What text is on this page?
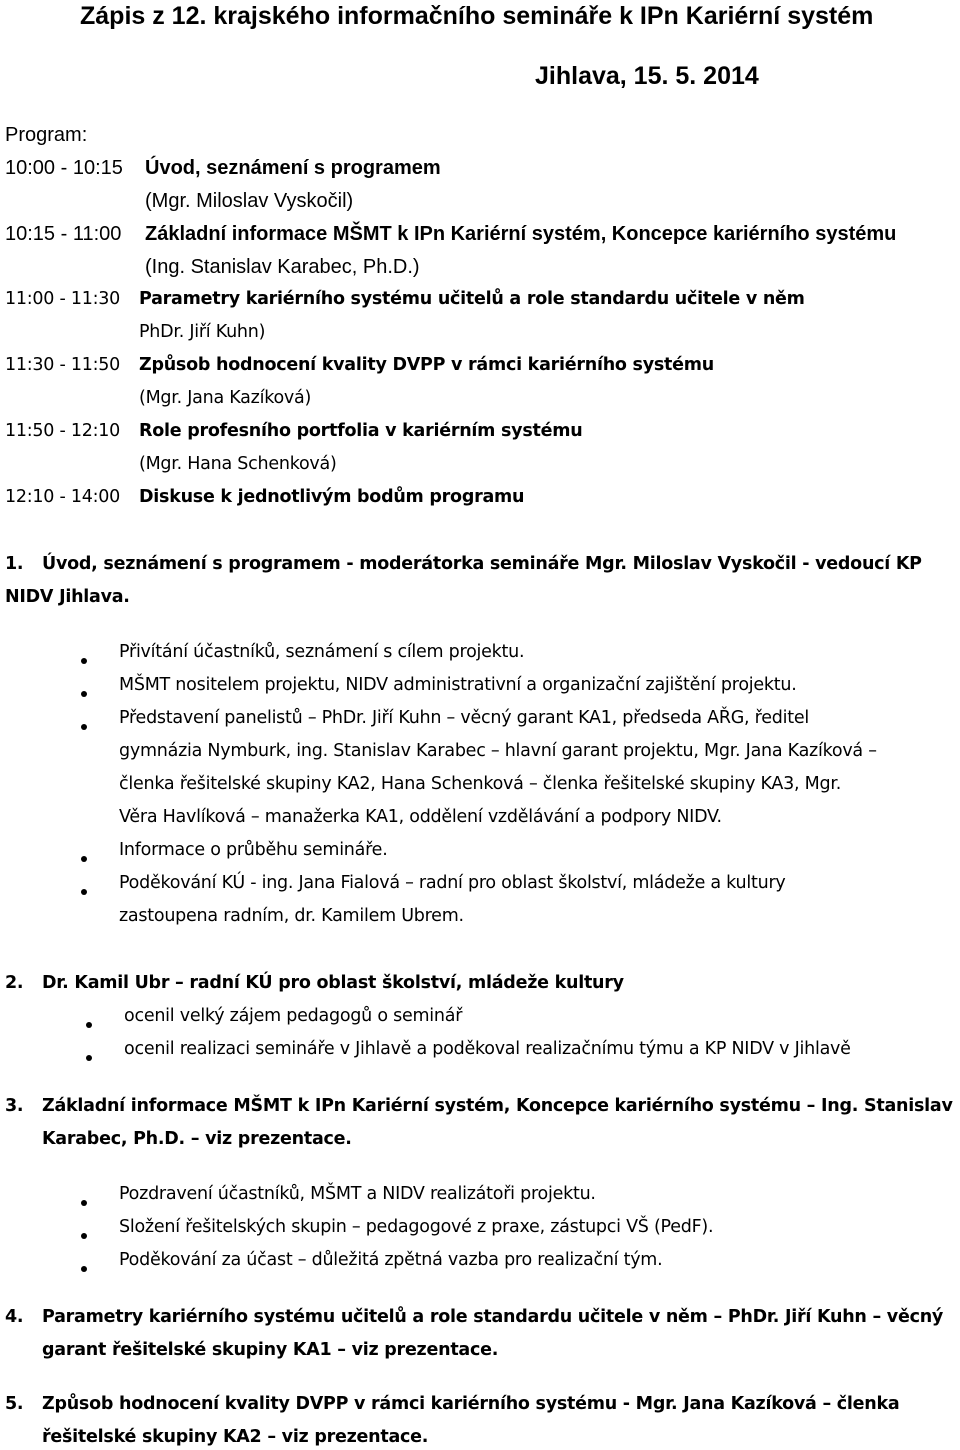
Zápis z 12. krajského informačního semináře k IPn Kariérní systém
Jihlava, 15. 5. 2014
Program:
10:00 - 10:15 Úvod, seznámení s programem
(Mgr. Miloslav Vyskočil)
10:15 - 11:00 Základní informace MŠMT k IPn Kariérní systém, Koncepce kariérního systému
(Ing. Stanislav Karabec, Ph.D.)
11:00 - 11:30 Parametry kariérního systému učitelů a role standardu učitele v něm
PhDr. Jiří Kuhn)
11:30 - 11:50 Způsob hodnocení kvality DVPP v rámci kariérního systému
(Mgr. Jana Kazíková)
11:50 - 12:10 Role profesního portfolia v kariérním systému
(Mgr. Hana Schenková)
12:10 - 14:00 Diskuse k jednotlivým bodům programu
1. Úvod, seznámení s programem - moderátorka semináře Mgr. Miloslav Vyskočil - vedoucí KP
NIDV Jihlava.
Přivítání účastníků, seznámení s cílem projektu.
MŠMT nositelem projektu, NIDV administrativní a organizační zajištění projektu.
Představení panelistů – PhDr. Jiří Kuhn – věcný garant KA1, předseda AŘG, ředitel
gymnázia Nymburk, ing. Stanislav Karabec – hlavní garant projektu, Mgr. Jana Kazíková –
členka řešitelské skupiny KA2, Hana Schenková – členka řešitelské skupiny KA3, Mgr.
Věra Havlíková – manažerka KA1, oddělení vzdělávání a podpory NIDV.
Informace o průběhu semináře.
Poděkování KÚ - ing. Jana Fialová – radní pro oblast školství, mládeže a kultury
zastoupena radním, dr. Kamilem Ubrem.
2. Dr. Kamil Ubr – radní KÚ pro oblast školství, mládeže kultury
ocenil velký zájem pedagogů o seminář
ocenil realizaci semináře v Jihlavě a poděkoval realizačnímu týmu a KP NIDV v Jihlavě
3. Základní informace MŠMT k IPn Kariérní systém, Koncepce kariérního systému – Ing. Stanislav
Karabec, Ph.D. – viz prezentace.
Pozdravení účastníků, MŠMT a NIDV realizátoři projektu.
Složení řešitelských skupin – pedagogové z praxe, zástupci VŠ (PedF).
Poděkování za účast – důležitá zpětná vazba pro realizační tým.
4. Parametry kariérního systému učitelů a role standardu učitele v něm – PhDr. Jiří Kuhn – věcný
garant řešitelské skupiny KA1 – viz prezentace.
5. Způsob hodnocení kvality DVPP v rámci kariérního systému - Mgr. Jana Kazíková – členka
řešitelské skupiny KA2 – viz prezentace.
